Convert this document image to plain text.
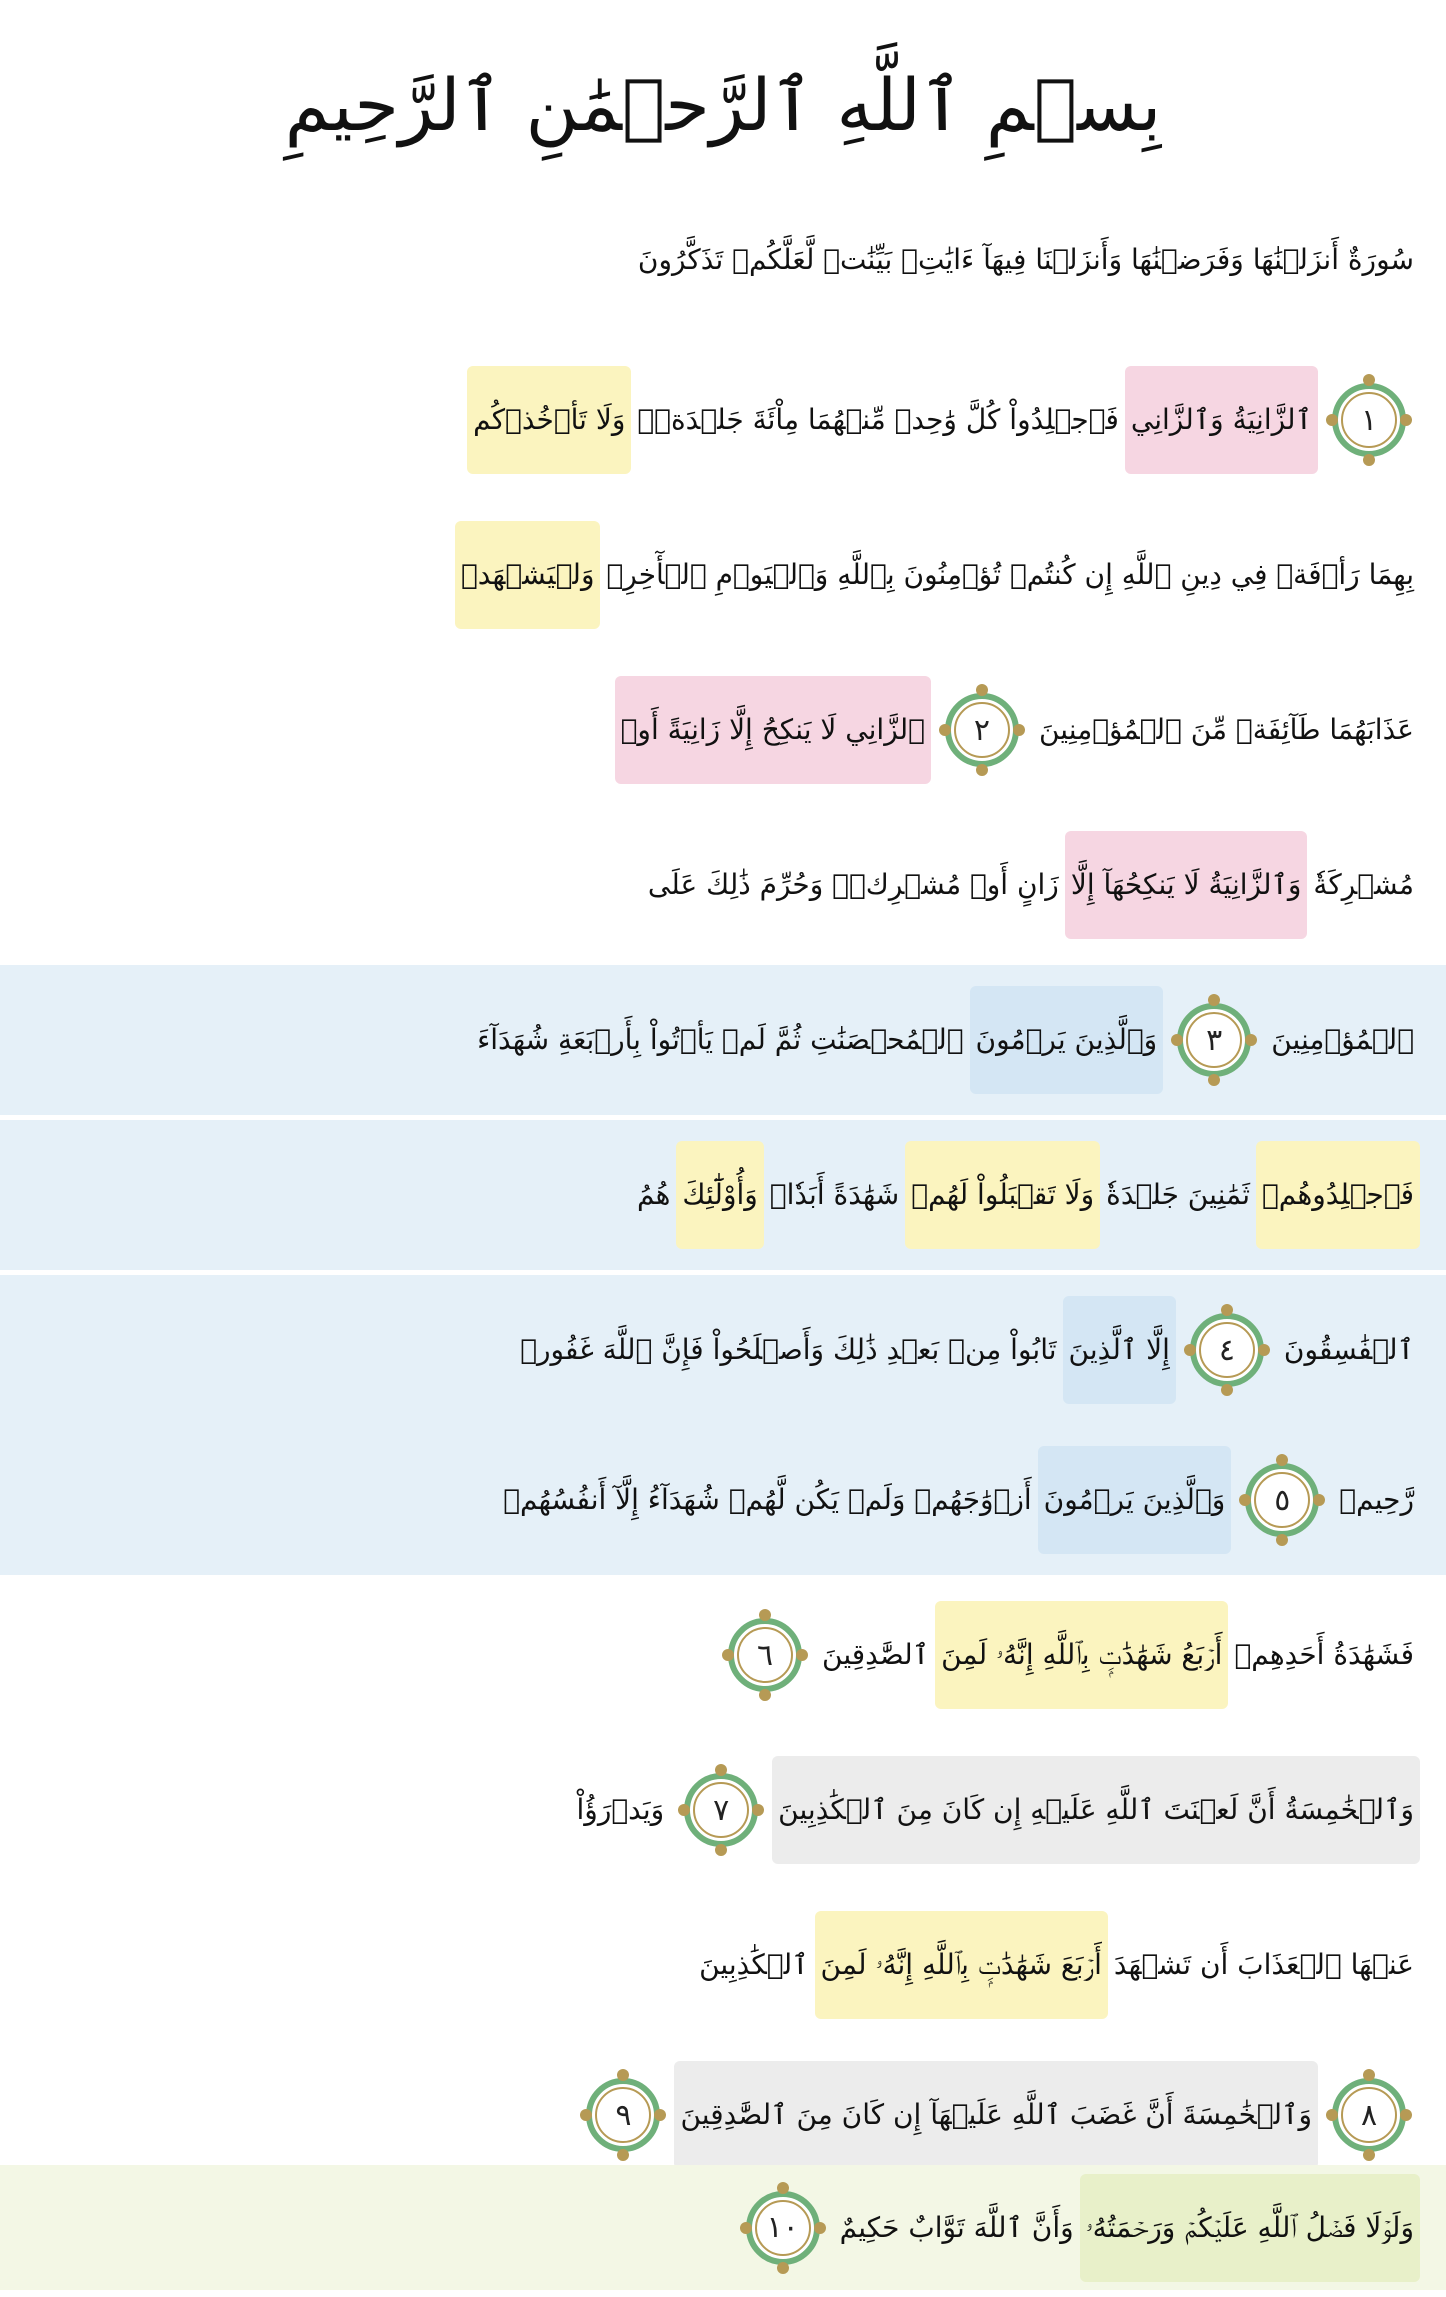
بِسۡمِ ٱللَّهِ ٱلرَّحۡمَٰنِ ٱلرَّحِيمِ
سُورَةٌ أَنزَلۡنَٰهَا وَفَرَضۡنَٰهَا وَأَنزَلۡنَا فِيهَآ ءَايَٰتِۭ بَيِّنَٰتٖ لَّعَلَّكُمۡ تَذَكَّرُونَ
١
ٱلزَّانِيَةُ وَٱلزَّانِي
فَٱجۡلِدُواْ كُلَّ وَٰحِدٖ مِّنۡهُمَا مِاْئَةَ جَلۡدَةٖۖ
وَلَا تَأۡخُذۡكُم
بِهِمَا رَأۡفَةٞ فِي دِينِ ٱللَّهِ إِن كُنتُمۡ تُؤۡمِنُونَ بِٱللَّهِ وَٱلۡيَوۡمِ ٱلۡأٓخِرِۖ
وَلۡيَشۡهَدۡ
عَذَابَهُمَا طَآئِفَةٞ مِّنَ ٱلۡمُؤۡمِنِينَ
٢
ٱلزَّانِي لَا يَنكِحُ إِلَّا زَانِيَةً أَوۡ
مُشۡرِكَةٗ
وَٱلزَّانِيَةُ لَا يَنكِحُهَآ إِلَّا
زَانٍ أَوۡ مُشۡرِكٞۚ وَحُرِّمَ ذَٰلِكَ عَلَى
ٱلۡمُؤۡمِنِينَ
٣
وَٱلَّذِينَ يَرۡمُونَ
ٱلۡمُحۡصَنَٰتِ ثُمَّ لَمۡ يَأۡتُواْ بِأَرۡبَعَةِ شُهَدَآءَ
فَٱجۡلِدُوهُمۡ
ثَمَٰنِينَ جَلۡدَةٗ
وَلَا تَقۡبَلُواْ لَهُمۡ
شَهَٰدَةً أَبَدٗاۚ
وَأُوْلَٰٓئِكَ
هُمُ
ٱلۡفَٰسِقُونَ
٤
إِلَّا ٱلَّذِينَ
تَابُواْ مِنۢ بَعۡدِ ذَٰلِكَ وَأَصۡلَحُواْ فَإِنَّ ٱللَّهَ غَفُورٞ
رَّحِيمٞ
٥
وَٱلَّذِينَ يَرۡمُونَ
أَزۡوَٰجَهُمۡ وَلَمۡ يَكُن لَّهُمۡ شُهَدَآءُ إِلَّآ أَنفُسُهُمۡ
فَشَهَٰدَةُ أَحَدِهِمۡ
أَرۡبَعُ شَهَٰدَٰتِۭ بِٱللَّهِ إِنَّهُۥ لَمِنَ
ٱلصَّٰدِقِينَ
٦
وَٱلۡخَٰمِسَةُ أَنَّ لَعۡنَتَ ٱللَّهِ عَلَيۡهِ إِن كَانَ مِنَ ٱلۡكَٰذِبِينَ
٧
وَيَدۡرَؤُاْ
عَنۡهَا ٱلۡعَذَابَ أَن تَشۡهَدَ
أَرۡبَعَ شَهَٰدَٰتِۭ بِٱللَّهِ إِنَّهُۥ لَمِنَ
ٱلۡكَٰذِبِينَ
٨
وَٱلۡخَٰمِسَةَ أَنَّ غَضَبَ ٱللَّهِ عَلَيۡهَآ إِن كَانَ مِنَ ٱلصَّٰدِقِينَ
٩
وَلَوۡلَا فَضۡلُ ٱللَّهِ عَلَيۡكُمۡ وَرَحۡمَتُهُۥ
وَأَنَّ ٱللَّهَ تَوَّابٌ حَكِيمٌ
١٠
